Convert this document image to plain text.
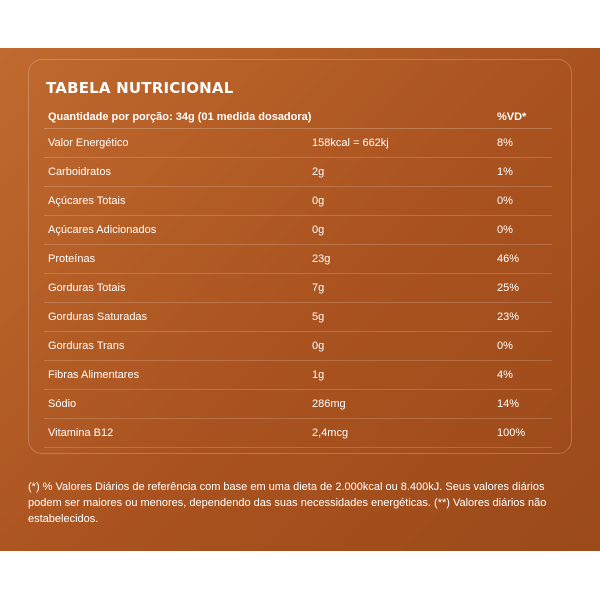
TABELA NUTRICIONAL
Quantidade por porção: 34g (01 medida dosadora)	%VD*
Valor Energético	158kcal = 662kj	8%
Carboidratos	2g	1%
Açúcares Totais	0g	0%
Açúcares Adicionados	0g	0%
Proteínas	23g	46%
Gorduras Totais	7g	25%
Gorduras Saturadas	5g	23%
Gorduras Trans	0g	0%
Fibras Alimentares	1g	4%
Sódio	286mg	14%
Vitamina B12	2,4mcg	100%
(*) % Valores Diários de referência com base em uma dieta de 2.000kcal ou 8.400kJ. Seus valores diários podem ser maiores ou menores, dependendo das suas necessidades energéticas. (**) Valores diários não estabelecidos.
